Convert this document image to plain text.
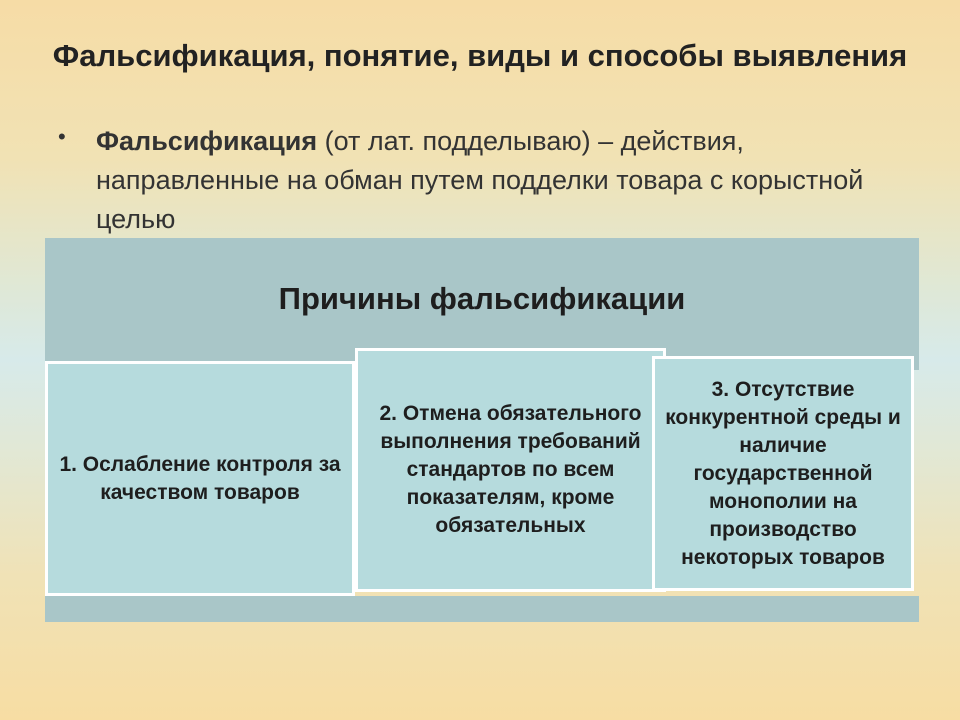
Фальсификация, понятие, виды и способы выявления
• Фальсификация (от лат. подделываю) – действия, направленные на обман путем подделки товара с корыстной целью
Причины фальсификации
1. Ослабление контроля за качеством товаров
2. Отмена обязательного выполнения требований стандартов по всем показателям, кроме обязательных
3. Отсутствие конкурентной среды и наличие государственной монополии на производство некоторых товаров
